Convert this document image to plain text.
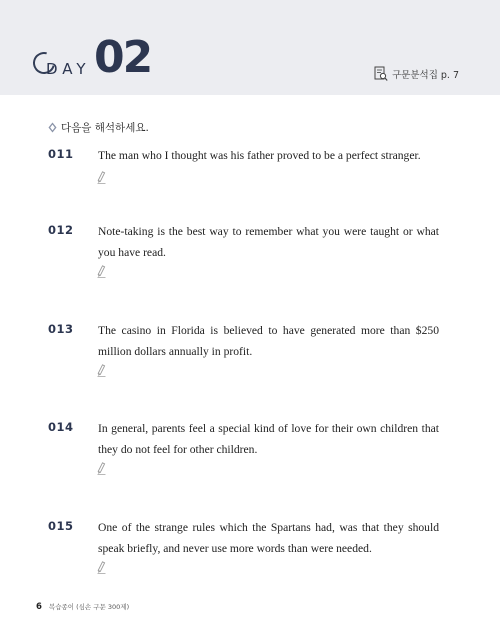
DAY 02	구문분석집 p. 7
다음을 해석하세요.
011 The man who I thought was his father proved to be a perfect stranger.
012 Note-taking is the best way to remember what you were taught or what you have read.
013 The casino in Florida is believed to have generated more than $250 million dollars annually in profit.
014 In general, parents feel a special kind of love for their own children that they do not feel for other children.
015 One of the strange rules which the Spartans had, was that they should speak briefly, and never use more words than were needed.
6 복습종이 (심손 구문 300제)
